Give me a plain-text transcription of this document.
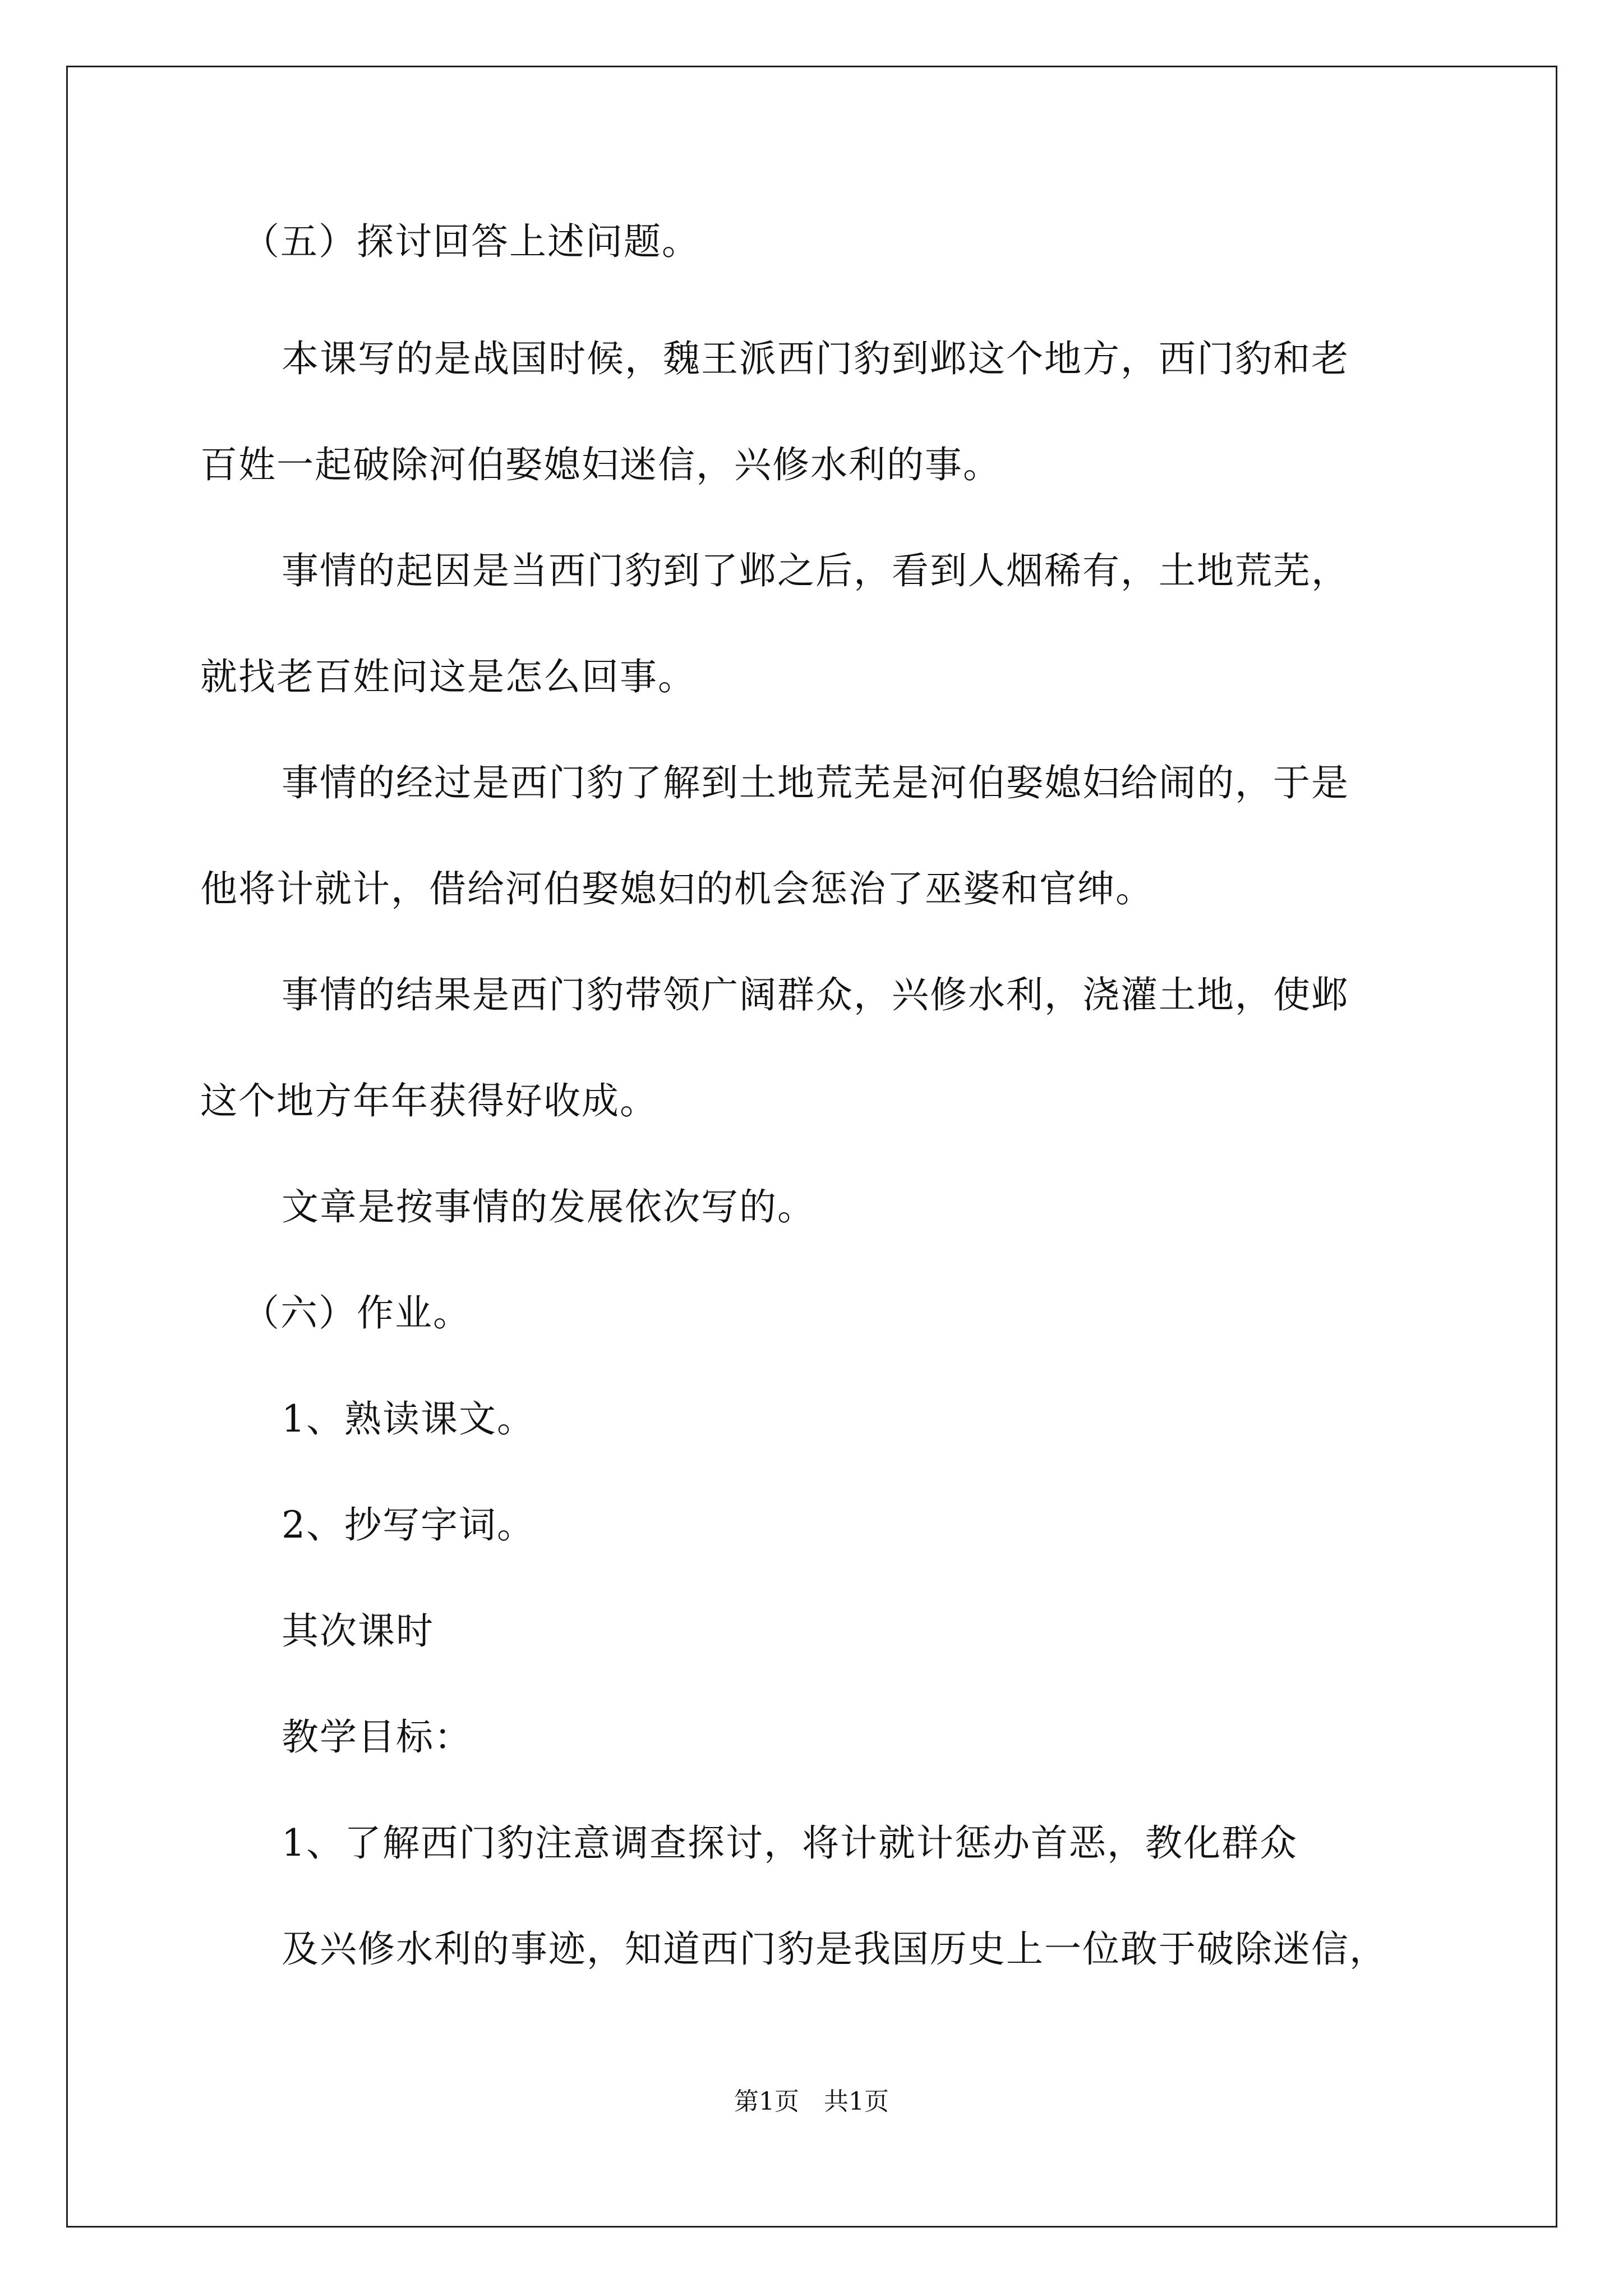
（五）探讨回答上述问题。
本课写的是战国时候，魏王派西门豹到邺这个地方，西门豹和老
百姓一起破除河伯娶媳妇迷信，兴修水利的事。
事情的起因是当西门豹到了邺之后，看到人烟稀有，土地荒芜，
就找老百姓问这是怎么回事。
事情的经过是西门豹了解到土地荒芜是河伯娶媳妇给闹的，于是
他将计就计，借给河伯娶媳妇的机会惩治了巫婆和官绅。
事情的结果是西门豹带领广阔群众，兴修水利，浇灌土地，使邺
这个地方年年获得好收成。
文章是按事情的发展依次写的。
（六）作业。
1、熟读课文。
2、抄写字词。
其次课时
教学目标：
1、了解西门豹注意调查探讨，将计就计惩办首恶，教化群众
及兴修水利的事迹，知道西门豹是我国历史上一位敢于破除迷信，
第1页　共1页
